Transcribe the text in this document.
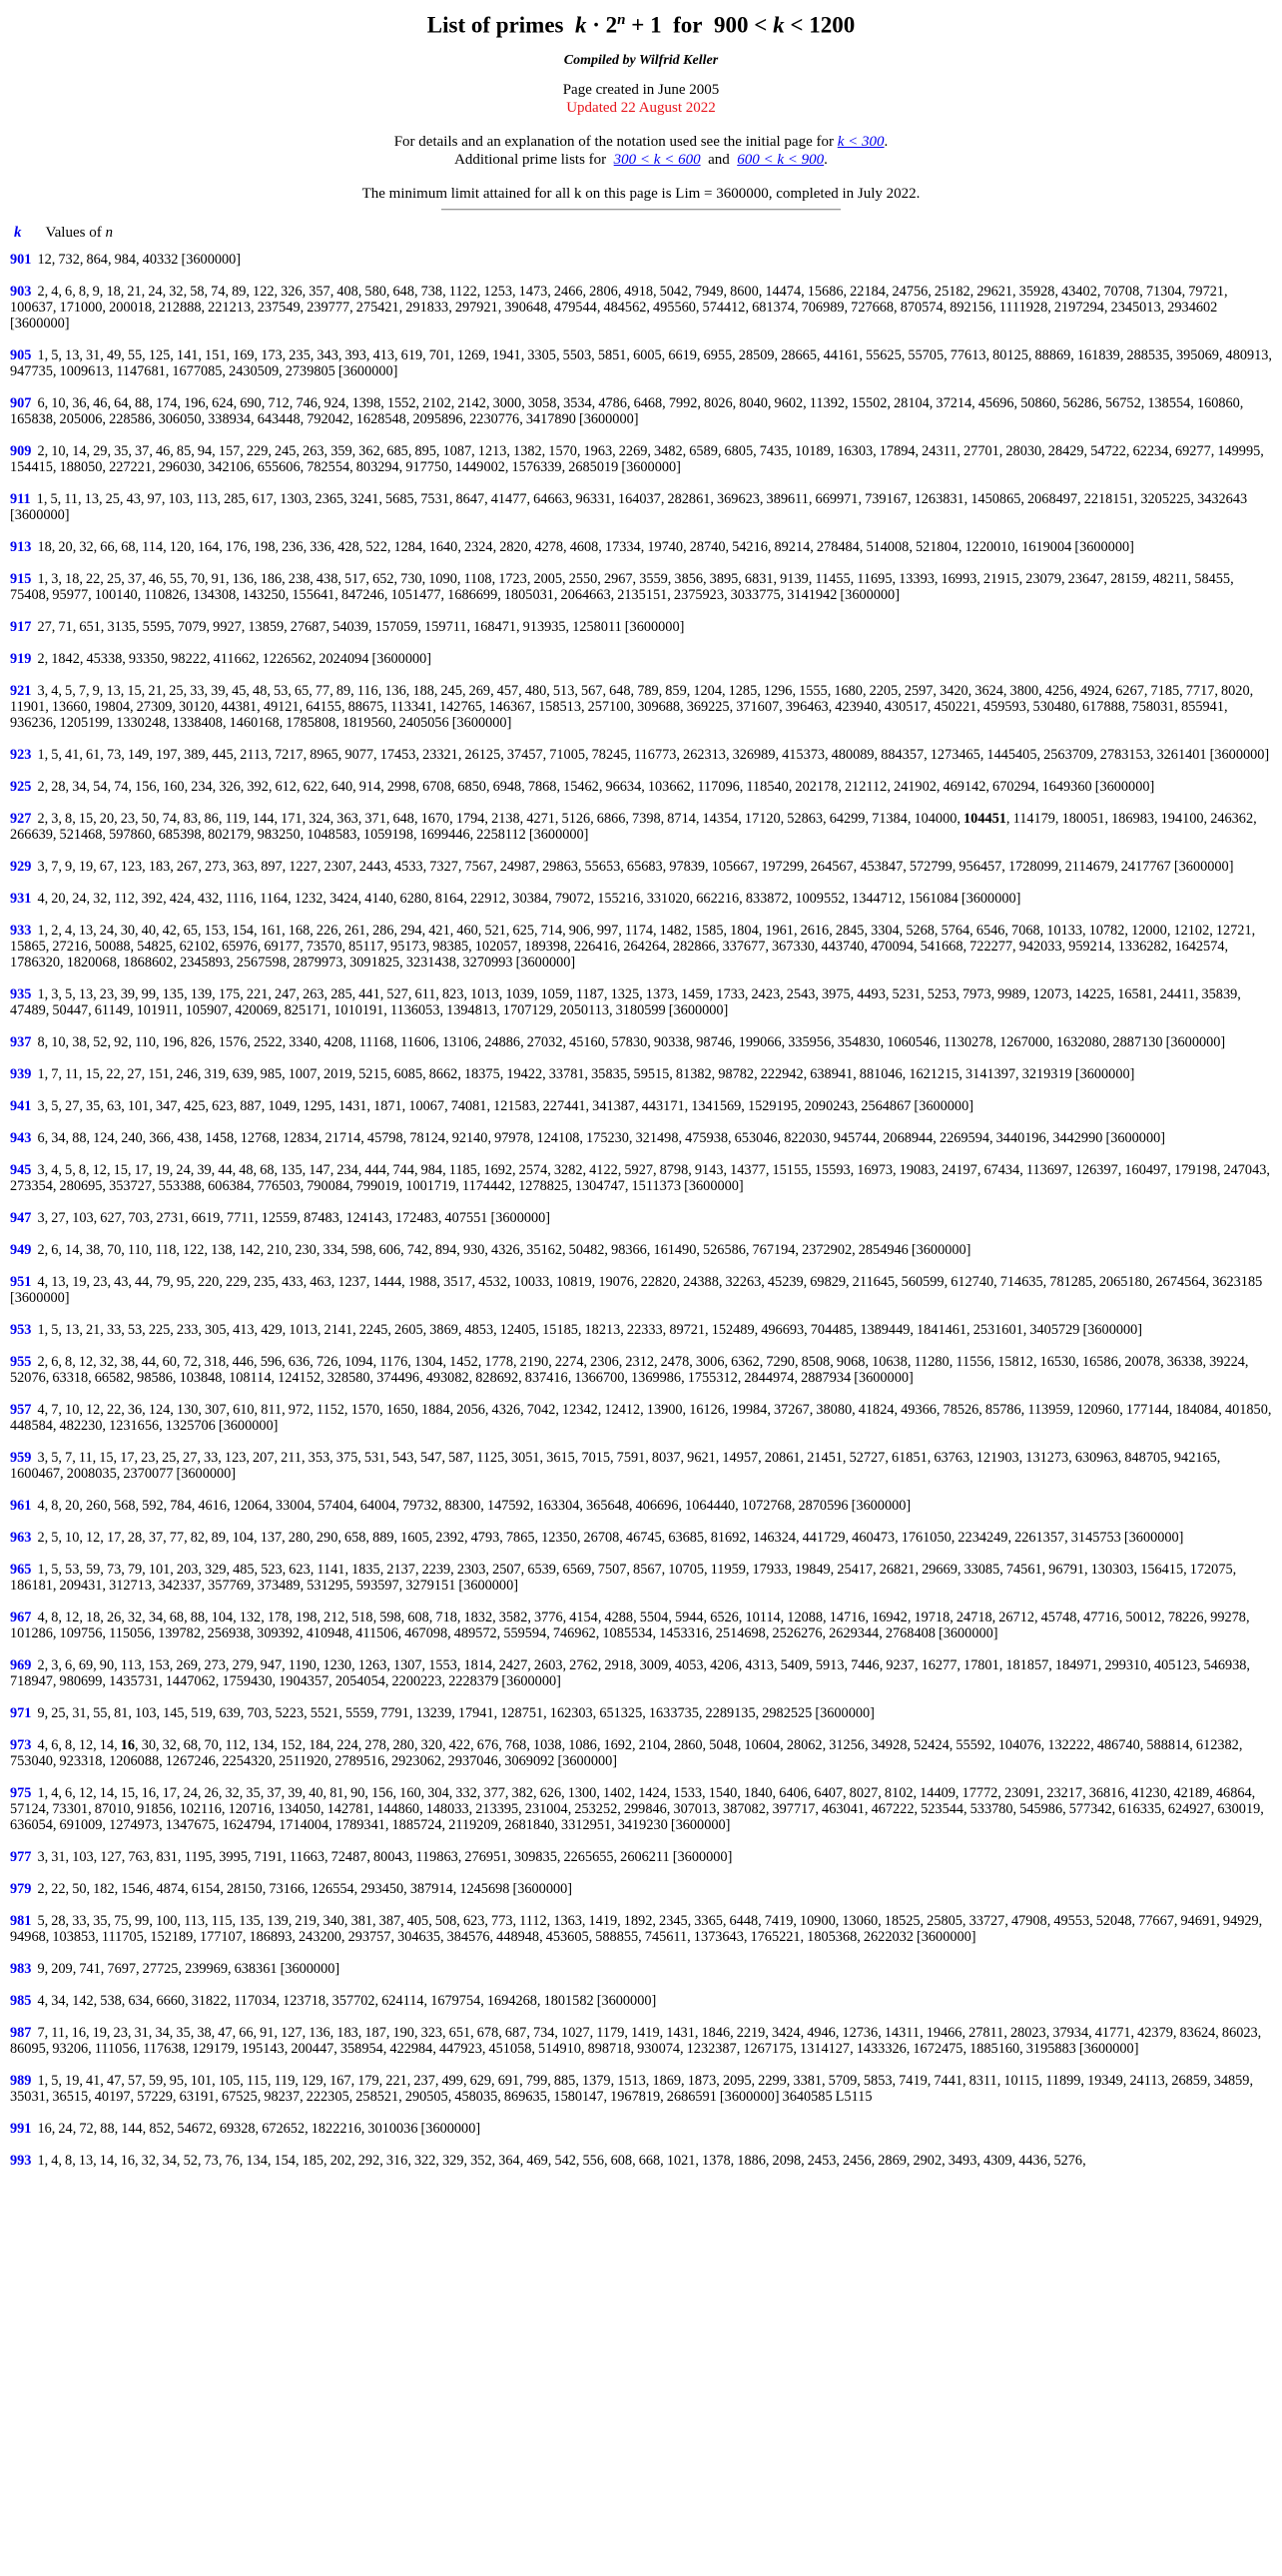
List of primes $k \cdot 2^n + 1$ for 900 < k < 1200
Compiled by Wilfrid Keller
Page created in June 2005
Updated 22 August 2022
For details and an explanation of the notation used see the initial page for k < 300.
Additional prime lists for 300 < k < 600 and 600 < k < 900.
The minimum limit attained for all k on this page is Lim = 3600000, completed in July 2022.
k Values of n
901 12, 732, 864, 984, 40332 [3600000]
903 2, 4, 6, 8, 9, 18, 21, 24, 32, 58, 74, 89, 122, 326, 357, 408, 580, 648, 738, 1122, 1253, 1473, 2466, 2806, 4918, 5042, 7949, 8600, 14474, 15686, 22184, 24756, 25182, 29621, 35928, 43402, 70708, 71304, 79721, 100637, 171000, 200018, 212888, 221213, 237549, 239777, 275421, 291833, 297921, 390648, 479544, 484562, 495560, 574412, 681374, 706989, 727668, 870574, 892156, 1111928, 2197294, 2345013, 2934602 [3600000]
905 1, 5, 13, 31, 49, 55, 125, 141, 151, 169, 173, 235, 343, 393, 413, 619, 701, 1269, 1941, 3305, 5503, 5851, 6005, 6619, 6955, 28509, 28665, 44161, 55625, 55705, 77613, 80125, 88869, 161839, 288535, 395069, 480913, 947735, 1009613, 1147681, 1677085, 2430509, 2739805 [3600000]
907 6, 10, 36, 46, 64, 88, 174, 196, 624, 690, 712, 746, 924, 1398, 1552, 2102, 2142, 3000, 3058, 3534, 4786, 6468, 7992, 8026, 8040, 9602, 11392, 15502, 28104, 37214, 45696, 50860, 56286, 56752, 138554, 160860, 165838, 205006, 228586, 306050, 338934, 643448, 792042, 1628548, 2095896, 2230776, 3417890 [3600000]
909 2, 10, 14, 29, 35, 37, 46, 85, 94, 157, 229, 245, 263, 359, 362, 685, 895, 1087, 1213, 1382, 1570, 1963, 2269, 3482, 6589, 6805, 7435, 10189, 16303, 17894, 24311, 27701, 28030, 28429, 54722, 62234, 69277, 149995, 154415, 188050, 227221, 296030, 342106, 655606, 782554, 803294, 917750, 1449002, 1576339, 2685019 [3600000]
911 1, 5, 11, 13, 25, 43, 97, 103, 113, 285, 617, 1303, 2365, 3241, 5685, 7531, 8647, 41477, 64663, 96331, 164037, 282861, 369623, 389611, 669971, 739167, 1263831, 1450865, 2068497, 2218151, 3205225, 3432643 [3600000]
913 18, 20, 32, 66, 68, 114, 120, 164, 176, 198, 236, 336, 428, 522, 1284, 1640, 2324, 2820, 4278, 4608, 17334, 19740, 28740, 54216, 89214, 278484, 514008, 521804, 1220010, 1619004 [3600000]
915 1, 3, 18, 22, 25, 37, 46, 55, 70, 91, 136, 186, 238, 438, 517, 652, 730, 1090, 1108, 1723, 2005, 2550, 2967, 3559, 3856, 3895, 6831, 9139, 11455, 11695, 13393, 16993, 21915, 23079, 23647, 28159, 48211, 58455, 75408, 95977, 100140, 110826, 134308, 143250, 155641, 847246, 1051477, 1686699, 1805031, 2064663, 2135151, 2375923, 3033775, 3141942 [3600000]
917 27, 71, 651, 3135, 5595, 7079, 9927, 13859, 27687, 54039, 157059, 159711, 168471, 913935, 1258011 [3600000]
919 2, 1842, 45338, 93350, 98222, 411662, 1226562, 2024094 [3600000]
921 3, 4, 5, 7, 9, 13, 15, 21, 25, 33, 39, 45, 48, 53, 65, 77, 89, 116, 136, 188, 245, 269, 457, 480, 513, 567, 648, 789, 859, 1204, 1285, 1296, 1555, 1680, 2205, 2597, 3420, 3624, 3800, 4256, 4924, 6267, 7185, 7717, 8020, 11901, 13660, 19804, 27309, 30120, 44381, 49121, 64155, 88675, 113341, 142765, 146367, 158513, 257100, 309688, 369225, 371607, 396463, 423940, 430517, 450221, 459593, 530480, 617888, 758031, 855941, 936236, 1205199, 1330248, 1338408, 1460168, 1785808, 1819560, 2405056 [3600000]
923 1, 5, 41, 61, 73, 149, 197, 389, 445, 2113, 7217, 8965, 9077, 17453, 23321, 26125, 37457, 71005, 78245, 116773, 262313, 326989, 415373, 480089, 884357, 1273465, 1445405, 2563709, 2783153, 3261401 [3600000]
925 2, 28, 34, 54, 74, 156, 160, 234, 326, 392, 612, 622, 640, 914, 2998, 6708, 6850, 6948, 7868, 15462, 96634, 103662, 117096, 118540, 202178, 212112, 241902, 469142, 670294, 1649360 [3600000]
927 2, 3, 8, 15, 20, 23, 50, 74, 83, 86, 119, 144, 171, 324, 363, 371, 648, 1670, 1794, 2138, 4271, 5126, 6866, 7398, 8714, 14354, 17120, 52863, 64299, 71384, 104000, 104451, 114179, 180051, 186983, 194100, 246362, 266639, 521468, 597860, 685398, 802179, 983250, 1048583, 1059198, 1699446, 2258112 [3600000]
929 3, 7, 9, 19, 67, 123, 183, 267, 273, 363, 897, 1227, 2307, 2443, 4533, 7327, 7567, 24987, 29863, 55653, 65683, 97839, 105667, 197299, 264567, 453847, 572799, 956457, 1728099, 2114679, 2417767 [3600000]
931 4, 20, 24, 32, 112, 392, 424, 432, 1116, 1164, 1232, 3424, 4140, 6280, 8164, 22912, 30384, 79072, 155216, 331020, 662216, 833872, 1009552, 1344712, 1561084 [3600000]
933 1, 2, 4, 13, 24, 30, 40, 42, 65, 153, 154, 161, 168, 226, 261, 286, 294, 421, 460, 521, 625, 714, 906, 997, 1174, 1482, 1585, 1804, 1961, 2616, 2845, 3304, 5268, 5764, 6546, 7068, 10133, 10782, 12000, 12102, 12721, 15865, 27216, 50088, 54825, 62102, 65976, 69177, 73570, 85117, 95173, 98385, 102057, 189398, 226416, 264264, 282866, 337677, 367330, 443740, 470094, 541668, 722277, 942033, 959214, 1336282, 1642574, 1786320, 1820068, 1868602, 2345893, 2567598, 2879973, 3091825, 3231438, 3270993 [3600000]
935 1, 3, 5, 13, 23, 39, 99, 135, 139, 175, 221, 247, 263, 285, 441, 527, 611, 823, 1013, 1039, 1059, 1187, 1325, 1373, 1459, 1733, 2423, 2543, 3975, 4493, 5231, 5253, 7973, 9989, 12073, 14225, 16581, 24411, 35839, 47489, 50447, 61149, 101911, 105907, 420069, 825171, 1010191, 1136053, 1394813, 1707129, 2050113, 3180599 [3600000]
937 8, 10, 38, 52, 92, 110, 196, 826, 1576, 2522, 3340, 4208, 11168, 11606, 13106, 24886, 27032, 45160, 57830, 90338, 98746, 199066, 335956, 354830, 1060546, 1130278, 1267000, 1632080, 2887130 [3600000]
939 1, 7, 11, 15, 22, 27, 151, 246, 319, 639, 985, 1007, 2019, 5215, 6085, 8662, 18375, 19422, 33781, 35835, 59515, 81382, 98782, 222942, 638941, 881046, 1621215, 3141397, 3219319 [3600000]
941 3, 5, 27, 35, 63, 101, 347, 425, 623, 887, 1049, 1295, 1431, 1871, 10067, 74081, 121583, 227441, 341387, 443171, 1341569, 1529195, 2090243, 2564867 [3600000]
943 6, 34, 88, 124, 240, 366, 438, 1458, 12768, 12834, 21714, 45798, 78124, 92140, 97978, 124108, 175230, 321498, 475938, 653046, 822030, 945744, 2068944, 2269594, 3440196, 3442990 [3600000]
945 3, 4, 5, 8, 12, 15, 17, 19, 24, 39, 44, 48, 68, 135, 147, 234, 444, 744, 984, 1185, 1692, 2574, 3282, 4122, 5927, 8798, 9143, 14377, 15155, 15593, 16973, 19083, 24197, 67434, 113697, 126397, 160497, 179198, 247043, 273354, 280695, 353727, 553388, 606384, 776503, 790084, 799019, 1001719, 1174442, 1278825, 1304747, 1511373 [3600000]
947 3, 27, 103, 627, 703, 2731, 6619, 7711, 12559, 87483, 124143, 172483, 407551 [3600000]
949 2, 6, 14, 38, 70, 110, 118, 122, 138, 142, 210, 230, 334, 598, 606, 742, 894, 930, 4326, 35162, 50482, 98366, 161490, 526586, 767194, 2372902, 2854946 [3600000]
951 4, 13, 19, 23, 43, 44, 79, 95, 220, 229, 235, 433, 463, 1237, 1444, 1988, 3517, 4532, 10033, 10819, 19076, 22820, 24388, 32263, 45239, 69829, 211645, 560599, 612740, 714635, 781285, 2065180, 2674564, 3623185 [3600000]
953 1, 5, 13, 21, 33, 53, 225, 233, 305, 413, 429, 1013, 2141, 2245, 2605, 3869, 4853, 12405, 15185, 18213, 22333, 89721, 152489, 496693, 704485, 1389449, 1841461, 2531601, 3405729 [3600000]
955 2, 6, 8, 12, 32, 38, 44, 60, 72, 318, 446, 596, 636, 726, 1094, 1176, 1304, 1452, 1778, 2190, 2274, 2306, 2312, 2478, 3006, 6362, 7290, 8508, 9068, 10638, 11280, 11556, 15812, 16530, 16586, 20078, 36338, 39224, 52076, 63318, 66582, 98586, 103848, 108114, 124152, 328580, 374496, 493082, 828692, 837416, 1366700, 1369986, 1755312, 2844974, 2887934 [3600000]
957 4, 7, 10, 12, 22, 36, 124, 130, 307, 610, 811, 972, 1152, 1570, 1650, 1884, 2056, 4326, 7042, 12342, 12412, 13900, 16126, 19984, 37267, 38080, 41824, 49366, 78526, 85786, 113959, 120960, 177144, 184084, 401850, 448584, 482230, 1231656, 1325706 [3600000]
959 3, 5, 7, 11, 15, 17, 23, 25, 27, 33, 123, 207, 211, 353, 375, 531, 543, 547, 587, 1125, 3051, 3615, 7015, 7591, 8037, 9621, 14957, 20861, 21451, 52727, 61851, 63763, 121903, 131273, 630963, 848705, 942165, 1600467, 2008035, 2370077 [3600000]
961 4, 8, 20, 260, 568, 592, 784, 4616, 12064, 33004, 57404, 64004, 79732, 88300, 147592, 163304, 365648, 406696, 1064440, 1072768, 2870596 [3600000]
963 2, 5, 10, 12, 17, 28, 37, 77, 82, 89, 104, 137, 280, 290, 658, 889, 1605, 2392, 4793, 7865, 12350, 26708, 46745, 63685, 81692, 146324, 441729, 460473, 1761050, 2234249, 2261357, 3145753 [3600000]
965 1, 5, 53, 59, 73, 79, 101, 203, 329, 485, 523, 623, 1141, 1835, 2137, 2239, 2303, 2507, 6539, 6569, 7507, 8567, 10705, 11959, 17933, 19849, 25417, 26821, 29669, 33085, 74561, 96791, 130303, 156415, 172075, 186181, 209431, 312713, 342337, 357769, 373489, 531295, 593597, 3279151 [3600000]
967 4, 8, 12, 18, 26, 32, 34, 68, 88, 104, 132, 178, 198, 212, 518, 598, 608, 718, 1832, 3582, 3776, 4154, 4288, 5504, 5944, 6526, 10114, 12088, 14716, 16942, 19718, 24718, 26712, 45748, 47716, 50012, 78226, 99278, 101286, 109756, 115056, 139782, 256938, 309392, 410948, 411506, 467098, 489572, 559594, 746962, 1085534, 1453316, 2514698, 2526276, 2629344, 2768408 [3600000]
969 2, 3, 6, 69, 90, 113, 153, 269, 273, 279, 947, 1190, 1230, 1263, 1307, 1553, 1814, 2427, 2603, 2762, 2918, 3009, 4053, 4206, 4313, 5409, 5913, 7446, 9237, 16277, 17801, 181857, 184971, 299310, 405123, 546938, 718947, 980699, 1435731, 1447062, 1759430, 1904357, 2054054, 2200223, 2228379 [3600000]
971 9, 25, 31, 55, 81, 103, 145, 519, 639, 703, 5223, 5521, 5559, 7791, 13239, 17941, 128751, 162303, 651325, 1633735, 2289135, 2982525 [3600000]
973 4, 6, 8, 12, 14, 16, 30, 32, 68, 70, 112, 134, 152, 184, 224, 278, 280, 320, 422, 676, 768, 1038, 1086, 1692, 2104, 2860, 5048, 10604, 28062, 31256, 34928, 52424, 55592, 104076, 132222, 486740, 588814, 612382, 753040, 923318, 1206088, 1267246, 2254320, 2511920, 2789516, 2923062, 2937046, 3069092 [3600000]
975 1, 4, 6, 12, 14, 15, 16, 17, 24, 26, 32, 35, 37, 39, 40, 81, 90, 156, 160, 304, 332, 377, 382, 626, 1300, 1402, 1424, 1533, 1540, 1840, 6406, 6407, 8027, 8102, 14409, 17772, 23091, 23217, 36816, 41230, 42189, 46864, 57124, 73301, 87010, 91856, 102116, 120716, 134050, 142781, 144860, 148033, 213395, 231004, 253252, 299846, 307013, 387082, 397717, 463041, 467222, 523544, 533780, 545986, 577342, 616335, 624927, 630019, 636054, 691009, 1274973, 1347675, 1624794, 1714004, 1789341, 1885724, 2119209, 2681840, 3312951, 3419230 [3600000]
977 3, 31, 103, 127, 763, 831, 1195, 3995, 7191, 11663, 72487, 80043, 119863, 276951, 309835, 2265655, 2606211 [3600000]
979 2, 22, 50, 182, 1546, 4874, 6154, 28150, 73166, 126554, 293450, 387914, 1245698 [3600000]
981 5, 28, 33, 35, 75, 99, 100, 113, 115, 135, 139, 219, 340, 381, 387, 405, 508, 623, 773, 1112, 1363, 1419, 1892, 2345, 3365, 6448, 7419, 10900, 13060, 18525, 25805, 33727, 47908, 49553, 52048, 77667, 94691, 94929, 94968, 103853, 111705, 152189, 177107, 186893, 243200, 293757, 304635, 384576, 448948, 453605, 588855, 745611, 1373643, 1765221, 1805368, 2622032 [3600000]
983 9, 209, 741, 7697, 27725, 239969, 638361 [3600000]
985 4, 34, 142, 538, 634, 6660, 31822, 117034, 123718, 357702, 624114, 1679754, 1694268, 1801582 [3600000]
987 7, 11, 16, 19, 23, 31, 34, 35, 38, 47, 66, 91, 127, 136, 183, 187, 190, 323, 651, 678, 687, 734, 1027, 1179, 1419, 1431, 1846, 2219, 3424, 4946, 12736, 14311, 19466, 27811, 28023, 37934, 41771, 42379, 83624, 86023, 86095, 93206, 111056, 117638, 129179, 195143, 200447, 358954, 422984, 447923, 451058, 514910, 898718, 930074, 1232387, 1267175, 1314127, 1433326, 1672475, 1885160, 3195883 [3600000]
989 1, 5, 19, 41, 47, 57, 59, 95, 101, 105, 115, 119, 129, 167, 179, 221, 237, 499, 629, 691, 799, 885, 1379, 1513, 1869, 1873, 2095, 2299, 3381, 5709, 5853, 7419, 7441, 8311, 10115, 11899, 19349, 24113, 26859, 34859, 35031, 36515, 40197, 57229, 63191, 67525, 98237, 222305, 258521, 290505, 458035, 869635, 1580147, 1967819, 2686591 [3600000] 3640585 L5115
991 16, 24, 72, 88, 144, 852, 54672, 69328, 672652, 1822216, 3010036 [3600000]
993 1, 4, 8, 13, 14, 16, 32, 34, 52, 73, 76, 134, 154, 185, 202, 292, 316, 322, 329, 352, 364, 469, 542, 556, 608, 668, 1021, 1378, 1886, 2098, 2453, 2456, 2869, 2902, 3493, 4309, 4436, 5276,
